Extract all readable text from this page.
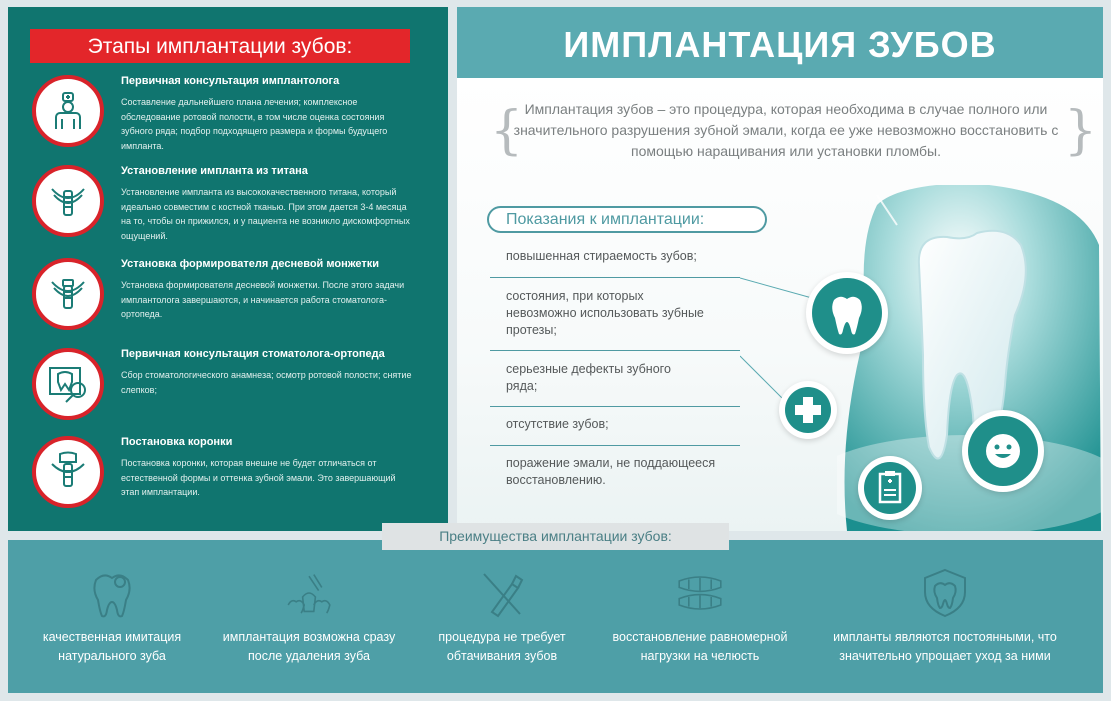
Этапы имплантации зубов:
Первичная консультация имплантолога
Составление дальнейшего плана лечения; комплексное обследование ротовой полости, в том числе оценка состояния зубного ряда; подбор подходящего размера и формы будущего импланта.
Установление импланта из титана
Установление импланта из высококачественного титана, который идеально совместим с костной тканью. При этом дается 3-4 месяца на то, чтобы он прижился, и у пациента не возникло дискомфортных ощущений.
Установка формирователя десневой монжетки
Установка формирователя десневой монжетки. После этого задачи имплантолога завершаются, и начинается работа стоматолога-ортопеда.
Первичная консультация стоматолога-ортопеда
Сбор стоматологического анамнеза; осмотр ротовой полости; снятие слепков;
Постановка коронки
Постановка коронки, которая внешне не будет отличаться от естественной формы и оттенка зубной эмали. Это завершающий этап имплантации.
ИМПЛАНТАЦИЯ ЗУБОВ
{	}
Имплантация зубов – это процедура, которая необходима в случае полного или значительного разрушения зубной эмали, когда ее уже невозможно восстановить с помощью наращивания или установки пломбы.
Показания к имплантации:
повышенная стираемость зубов;
состояния, при которых невозможно использовать зубные протезы;
серьезные дефекты зубного ряда;
отсутствие зубов;
поражение эмали, не поддающееся восстановлению.
Преимущества имплантации зубов:
качественная имитация натурального зуба
имплантация возможна сразу после удаления зуба
процедура не требует обтачивания зубов
восстановление равномерной нагрузки на челюсть
импланты являются постоянными, что значительно упрощает уход за ними
